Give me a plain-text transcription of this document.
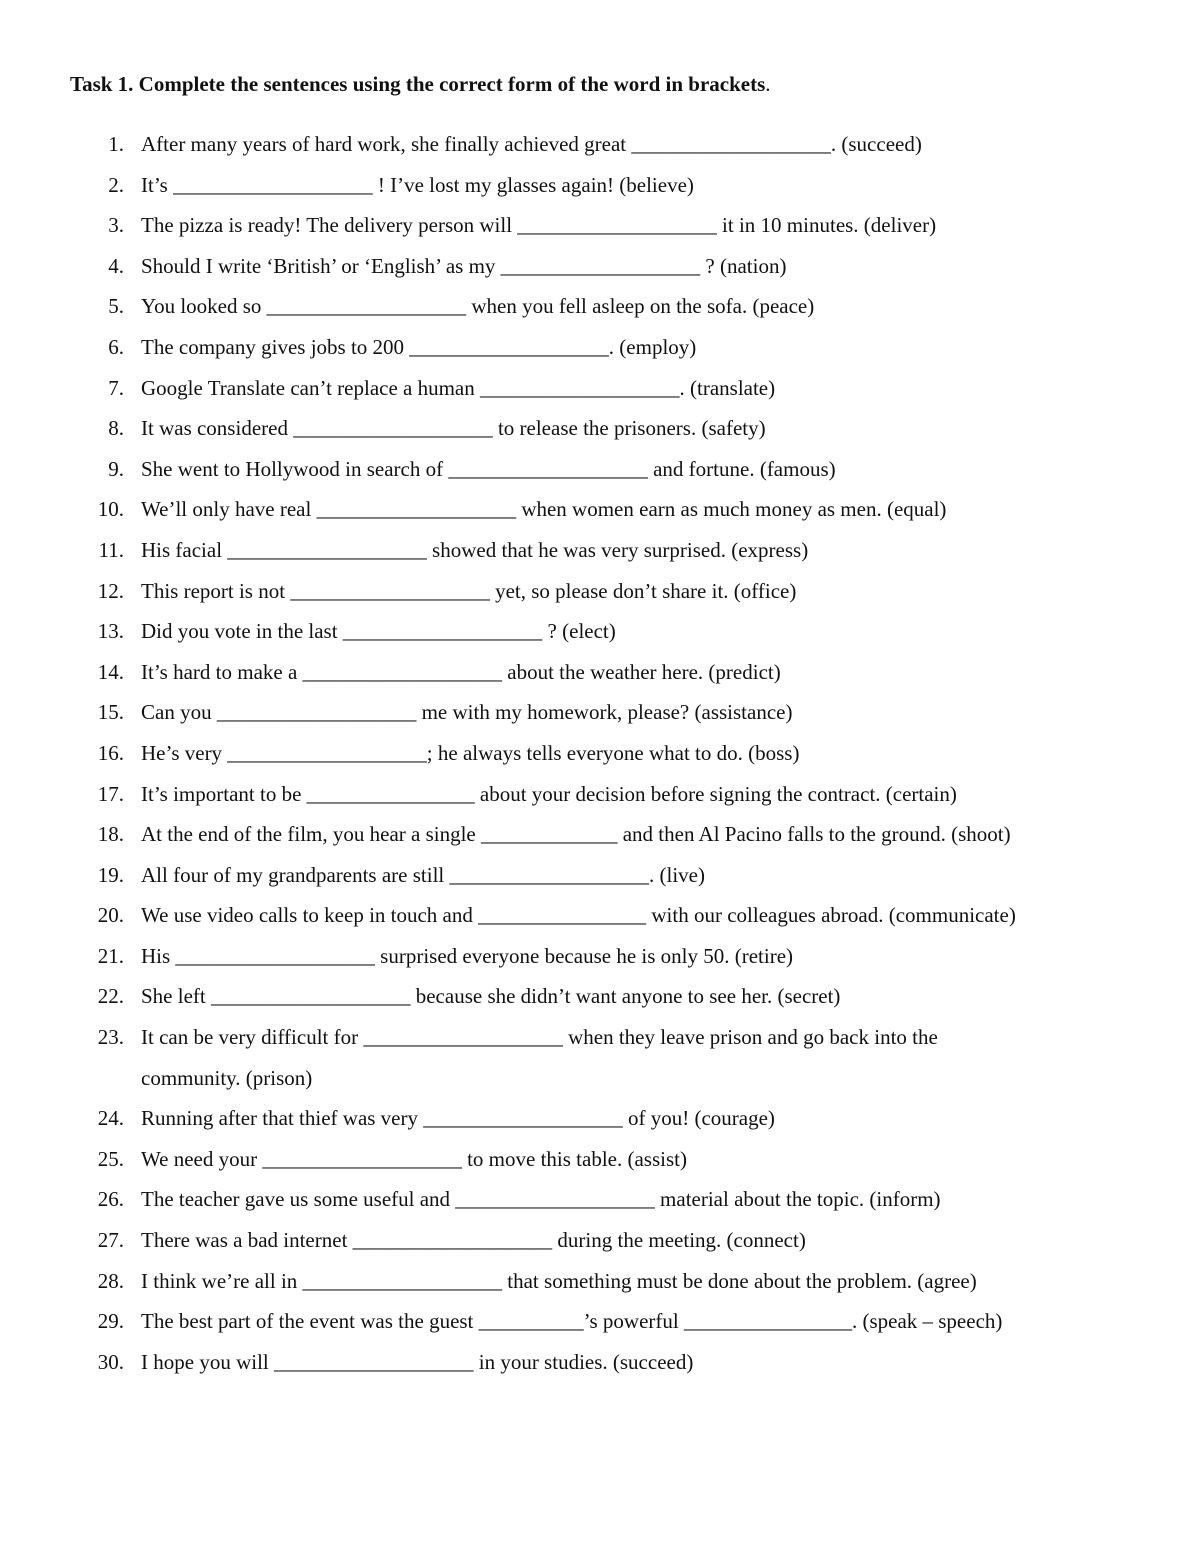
Task 1. Complete the sentences using the correct form of the word in brackets.
1. After many years of hard work, she finally achieved great ___________________. (succeed)
2. It’s ___________________ ! I’ve lost my glasses again! (believe)
3. The pizza is ready! The delivery person will ___________________ it in 10 minutes. (deliver)
4. Should I write ‘British’ or ‘English’ as my ___________________ ? (nation)
5. You looked so ___________________ when you fell asleep on the sofa. (peace)
6. The company gives jobs to 200 ___________________. (employ)
7. Google Translate can’t replace a human ___________________. (translate)
8. It was considered ___________________ to release the prisoners. (safety)
9. She went to Hollywood in search of ___________________ and fortune. (famous)
10. We’ll only have real ___________________ when women earn as much money as men. (equal)
11. His facial ___________________ showed that he was very surprised. (express)
12. This report is not ___________________ yet, so please don’t share it. (office)
13. Did you vote in the last ___________________ ? (elect)
14. It’s hard to make a ___________________ about the weather here. (predict)
15. Can you ___________________ me with my homework, please? (assistance)
16. He’s very ___________________; he always tells everyone what to do. (boss)
17. It’s important to be ________________ about your decision before signing the contract. (certain)
18. At the end of the film, you hear a single _____________ and then Al Pacino falls to the ground. (shoot)
19. All four of my grandparents are still ___________________. (live)
20. We use video calls to keep in touch and ________________ with our colleagues abroad. (communicate)
21. His ___________________ surprised everyone because he is only 50. (retire)
22. She left ___________________ because she didn’t want anyone to see her. (secret)
23. It can be very difficult for ___________________ when they leave prison and go back into the community. (prison)
24. Running after that thief was very ___________________ of you! (courage)
25. We need your ___________________ to move this table. (assist)
26. The teacher gave us some useful and ___________________ material about the topic. (inform)
27. There was a bad internet ___________________ during the meeting. (connect)
28. I think we’re all in ___________________ that something must be done about the problem. (agree)
29. The best part of the event was the guest __________’s powerful ________________. (speak – speech)
30. I hope you will ___________________ in your studies. (succeed)
